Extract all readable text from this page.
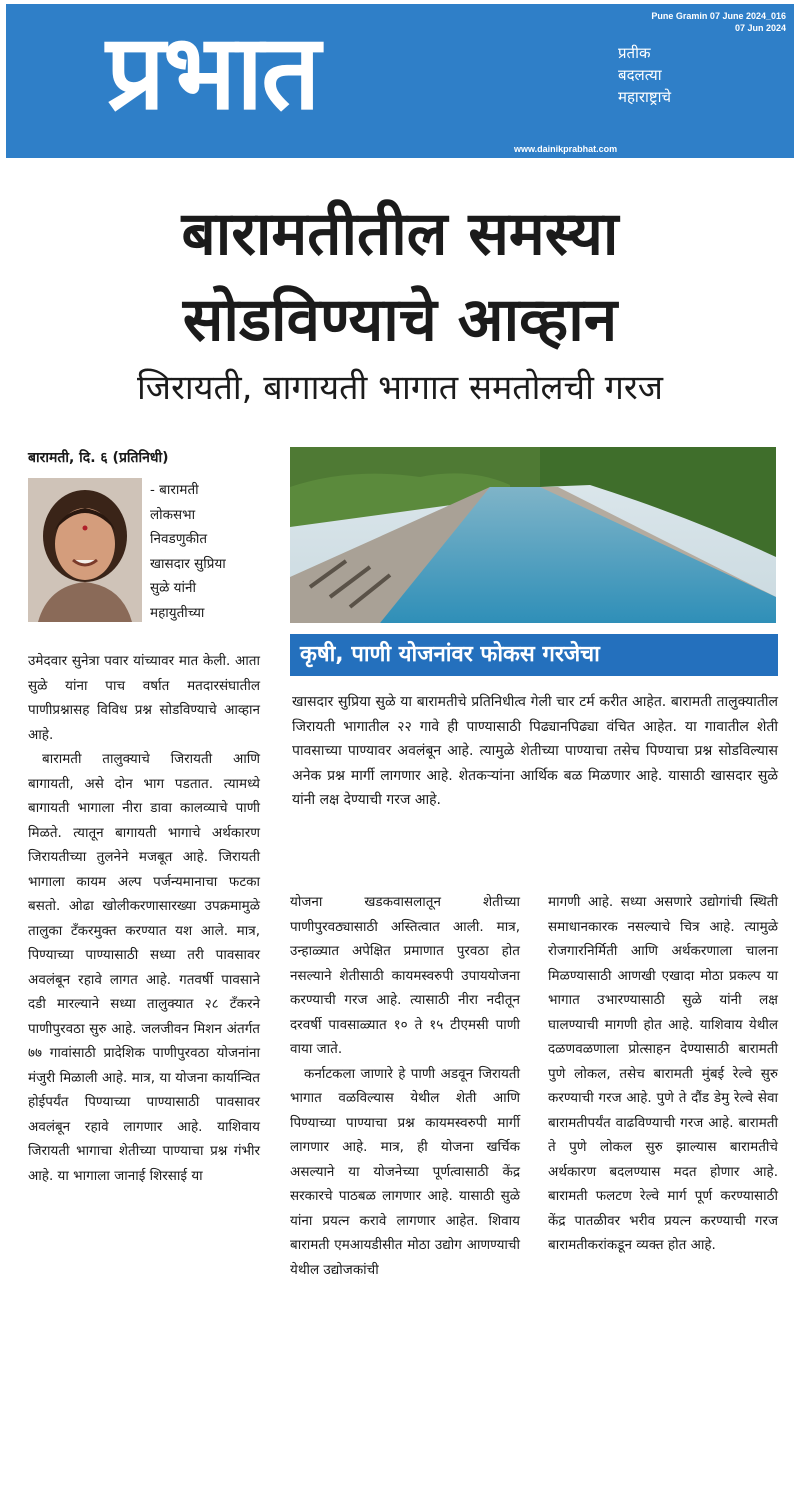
प्रभात	प्रतीक
बदलत्या
महाराष्ट्राचे
Pune Gramin 07 June 2024_016
07 Jun 2024
www.dainikprabhat.com
बारामतीतील समस्या
सोडविण्याचे आव्हान
जिरायती, बागायती भागात समतोलची गरज
बारामती, दि. ६ (प्रतिनिधी)
- बारामती
लोकसभा
निवडणुकीत
खासदार सुप्रिया
सुळे यांनी
महायुतीच्या

उमेदवार सुनेत्रा पवार यांच्यावर मात केली. आता सुळे यांना पाच वर्षात मतदारसंघातील पाणीप्रश्नासह विविध प्रश्न सोडविण्याचे आव्हान आहे.

बारामती तालुक्याचे जिरायती आणि बागायती, असे दोन भाग पडतात. त्यामध्ये बागायती भागाला नीरा डावा कालव्याचे पाणी मिळते. त्यातून बागायती भागाचे अर्थकारण जिरायतीच्या तुलनेने मजबूत आहे. जिरायती भागाला कायम अल्प पर्जन्यमानाचा फटका बसतो. ओढा खोलीकरणासारख्या उपक्रमामुळे तालुका टँकरमुक्त करण्यात यश आले. मात्र, पिण्याच्या पाण्यासाठी सध्या तरी पावसावर अवलंबून रहावे लागत आहे. गतवर्षी पावसाने दडी मारल्याने सध्या तालुक्यात २८ टँकरने पाणीपुरवठा सुरु आहे. जलजीवन मिशन अंतर्गत ७७ गावांसाठी प्रादेशिक पाणीपुरवठा योजनांना मंजुरी मिळाली आहे. मात्र, या योजना कार्यान्वित होईपर्यंत पिण्याच्या पाण्यासाठी पावसावर अवलंबून रहावे लागणार आहे. याशिवाय जिरायती भागाचा शेतीच्या पाण्याचा प्रश्न गंभीर आहे. या भागाला जानाई शिरसाई या

कृषी, पाणी योजनांवर फोकस गरजेचा
खासदार सुप्रिया सुळे या बारामतीचे प्रतिनिधीत्व गेली चार टर्म करीत आहेत. बारामती तालुक्यातील जिरायती भागातील २२ गावे ही पाण्यासाठी पिढ्यानपिढ्या वंचित आहेत. या गावातील शेती पावसाच्या पाण्यावर अवलंबून आहे. त्यामुळे शेतीच्या पाण्याचा तसेच पिण्याचा प्रश्न सोडविल्यास अनेक प्रश्न मार्गी लागणार आहे. शेतकऱ्यांना आर्थिक बळ मिळणार आहे. यासाठी खासदार सुळे यांनी लक्ष देण्याची गरज आहे.

योजना खडकवासलातून शेतीच्या पाणीपुरवठ्यासाठी अस्तित्वात आली. मात्र, उन्हाळ्यात अपेक्षित प्रमाणात पुरवठा होत नसल्याने शेतीसाठी कायमस्वरुपी उपाययोजना करण्याची गरज आहे. त्यासाठी नीरा नदीतून दरवर्षी पावसाळ्यात १० ते १५ टीएमसी पाणी वाया जाते.

कर्नाटकला जाणारे हे पाणी अडवून जिरायती भागात वळविल्यास येथील शेती आणि पिण्याच्या पाण्याचा प्रश्न कायमस्वरुपी मार्गी लागणार आहे. मात्र, ही योजना खर्चिक असल्याने या योजनेच्या पूर्णत्वासाठी केंद्र सरकारचे पाठबळ लागणार आहे. यासाठी सुळे यांना प्रयत्न करावे लागणार आहेत. शिवाय बारामती एमआयडीसीत मोठा उद्योग आणण्याची येथील उद्योजकांची

मागणी आहे. सध्या असणारे उद्योगांची स्थिती समाधानकारक नसल्याचे चित्र आहे. त्यामुळे रोजगारनिर्मिती आणि अर्थकरणाला चालना मिळण्यासाठी आणखी एखादा मोठा प्रकल्प या भागात उभारण्यासाठी सुळे यांनी लक्ष घालण्याची मागणी होत आहे. याशिवाय येथील दळणवळणाला प्रोत्साहन देण्यासाठी बारामती पुणे लोकल, तसेच बारामती मुंबई रेल्वे सुरु करण्याची गरज आहे. पुणे ते दौंड डेमु रेल्वे सेवा बारामतीपर्यंत वाढविण्याची गरज आहे. बारामती ते पुणे लोकल सुरु झाल्यास बारामतीचे अर्थकारण बदलण्यास मदत होणार आहे. बारामती फलटण रेल्वे मार्ग पूर्ण करण्यासाठी केंद्र पातळीवर भरीव प्रयत्न करण्याची गरज बारामतीकरांकडून व्यक्त होत आहे.
